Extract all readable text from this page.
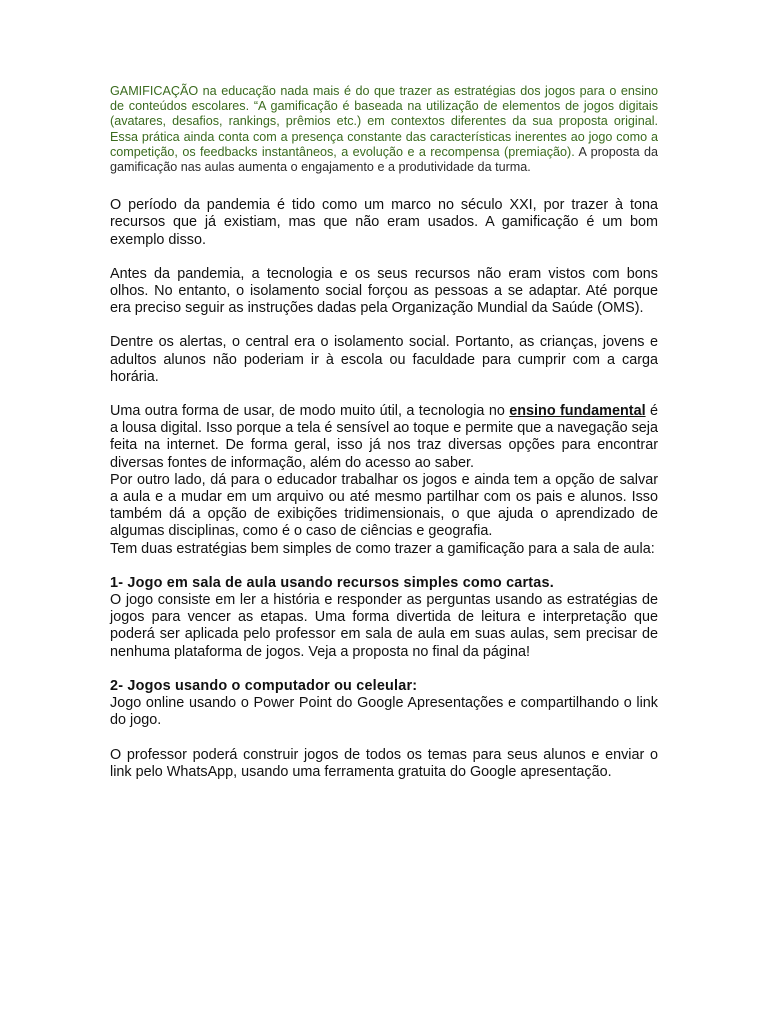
GAMIFICAÇÃO na educação nada mais é do que trazer as estratégias dos jogos para o ensino de conteúdos escolares. “A gamificação é baseada na utilização de elementos de jogos digitais (avatares, desafios, rankings, prêmios etc.) em contextos diferentes da sua proposta original. Essa prática ainda conta com a presença constante das características inerentes ao jogo como a competição, os feedbacks instantâneos, a evolução e a recompensa (premiação). A proposta da gamificação nas aulas aumenta o engajamento e a produtividade da turma.

O período da pandemia é tido como um marco no século XXI, por trazer à tona recursos que já existiam, mas que não eram usados. A gamificação é um bom exemplo disso.

Antes da pandemia, a tecnologia e os seus recursos não eram vistos com bons olhos. No entanto, o isolamento social forçou as pessoas a se adaptar. Até porque era preciso seguir as instruções dadas pela Organização Mundial da Saúde (OMS).

Dentre os alertas, o central era o isolamento social. Portanto, as crianças, jovens e adultos alunos não poderiam ir à escola ou faculdade para cumprir com a carga horária.

Uma outra forma de usar, de modo muito útil, a tecnologia no ensino fundamental é a lousa digital. Isso porque a tela é sensível ao toque e permite que a navegação seja feita na internet. De forma geral, isso já nos traz diversas opções para encontrar diversas fontes de informação, além do acesso ao saber.

Por outro lado, dá para o educador trabalhar os jogos e ainda tem a opção de salvar a aula e a mudar em um arquivo ou até mesmo partilhar com os pais e alunos. Isso também dá a opção de exibições tridimensionais, o que ajuda o aprendizado de algumas disciplinas, como é o caso de ciências e geografia.

Tem duas estratégias bem simples de como trazer a gamificação para a sala de aula:

1- Jogo em sala de aula usando recursos simples como cartas.

O jogo consiste em ler a história e responder as perguntas usando as estratégias de jogos para vencer as etapas. Uma forma divertida de leitura e interpretação que poderá ser aplicada pelo professor em sala de aula em suas aulas, sem precisar de nenhuma plataforma de jogos. Veja a proposta no final da página!

2- Jogos usando o computador ou celeular:

Jogo online usando o Power Point do Google Apresentações e compartilhando o link do jogo.

O professor poderá construir jogos de todos os temas para seus alunos e enviar o link pelo WhatsApp, usando uma ferramenta gratuita do Google apresentação.
